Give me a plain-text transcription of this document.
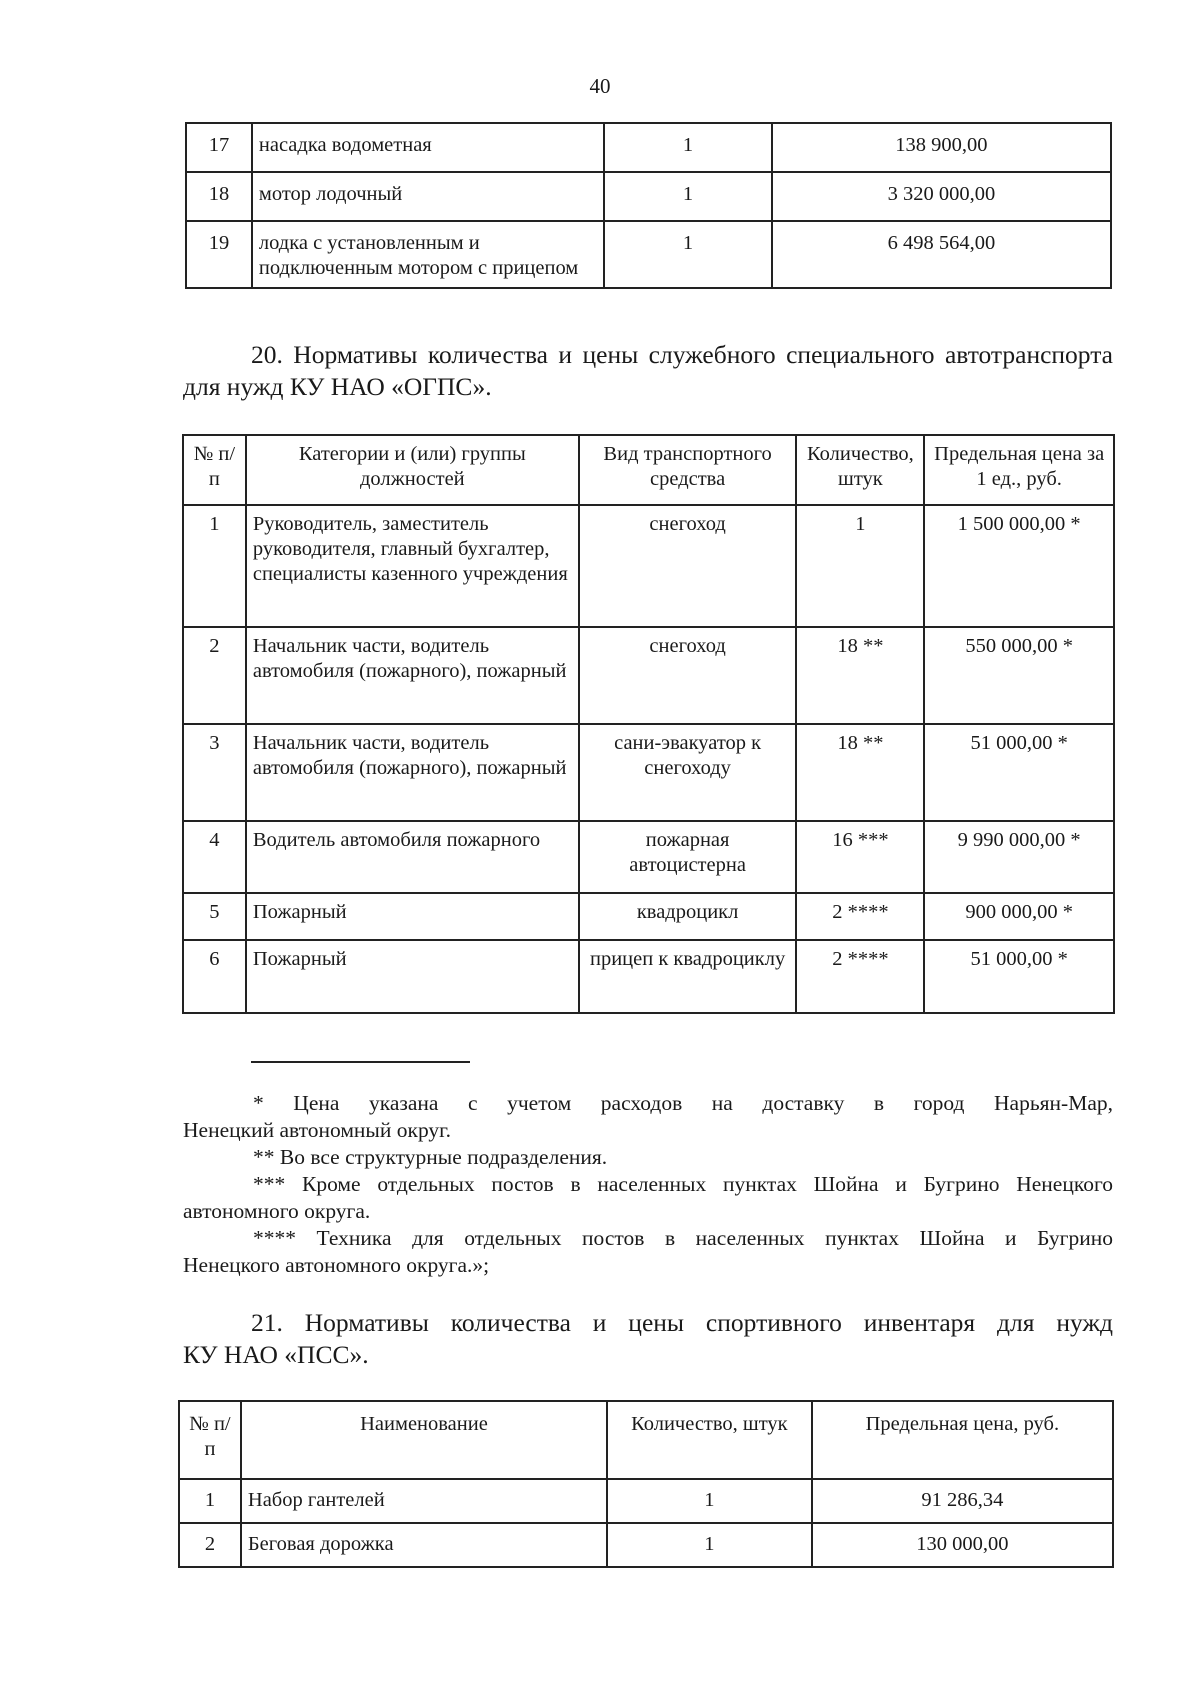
40
17	насадка водометная	1	138 900,00
18	мотор лодочный	1	3 320 000,00
19	лодка с установленным и подключенным мотором с прицепом	1	6 498 564,00
20. Нормативы количества и цены служебного специального автотранспорта
для нужд КУ НАО «ОГПС».
№ п/п	Категории и (или) группы должностей	Вид транспортного средства	Количество, штук	Предельная цена за 1 ед., руб.
1	Руководитель, заместитель руководителя, главный бухгалтер, специалисты казенного учреждения	снегоход	1	1 500 000,00 *
2	Начальник части, водитель автомобиля (пожарного), пожарный	снегоход	18 **	550 000,00 *
3	Начальник части, водитель автомобиля (пожарного), пожарный	сани-эвакуатор к снегоходу	18 **	51 000,00 *
4	Водитель автомобиля пожарного	пожарная автоцистерна	16 ***	9 990 000,00 *
5	Пожарный	квадроцикл	2 ****	900 000,00 *
6	Пожарный	прицеп к квадроциклу	2 ****	51 000,00 *

* Цена указана с учетом расходов на доставку в город Нарьян-Мар,

Ненецкий автономный округ.

** Во все структурные подразделения.

*** Кроме отдельных постов в населенных пунктах Шойна и Бугрино Ненецкого

автономного округа.

**** Техника для отдельных постов в населенных пунктах Шойна и Бугрино

Ненецкого автономного округа.»;

21. Нормативы количества и цены спортивного инвентаря для нужд
КУ НАО «ПСС».
№ п/п	Наименование	Количество, штук	Предельная цена, руб.
1	Набор гантелей	1	91 286,34
2	Беговая дорожка	1	130 000,00
